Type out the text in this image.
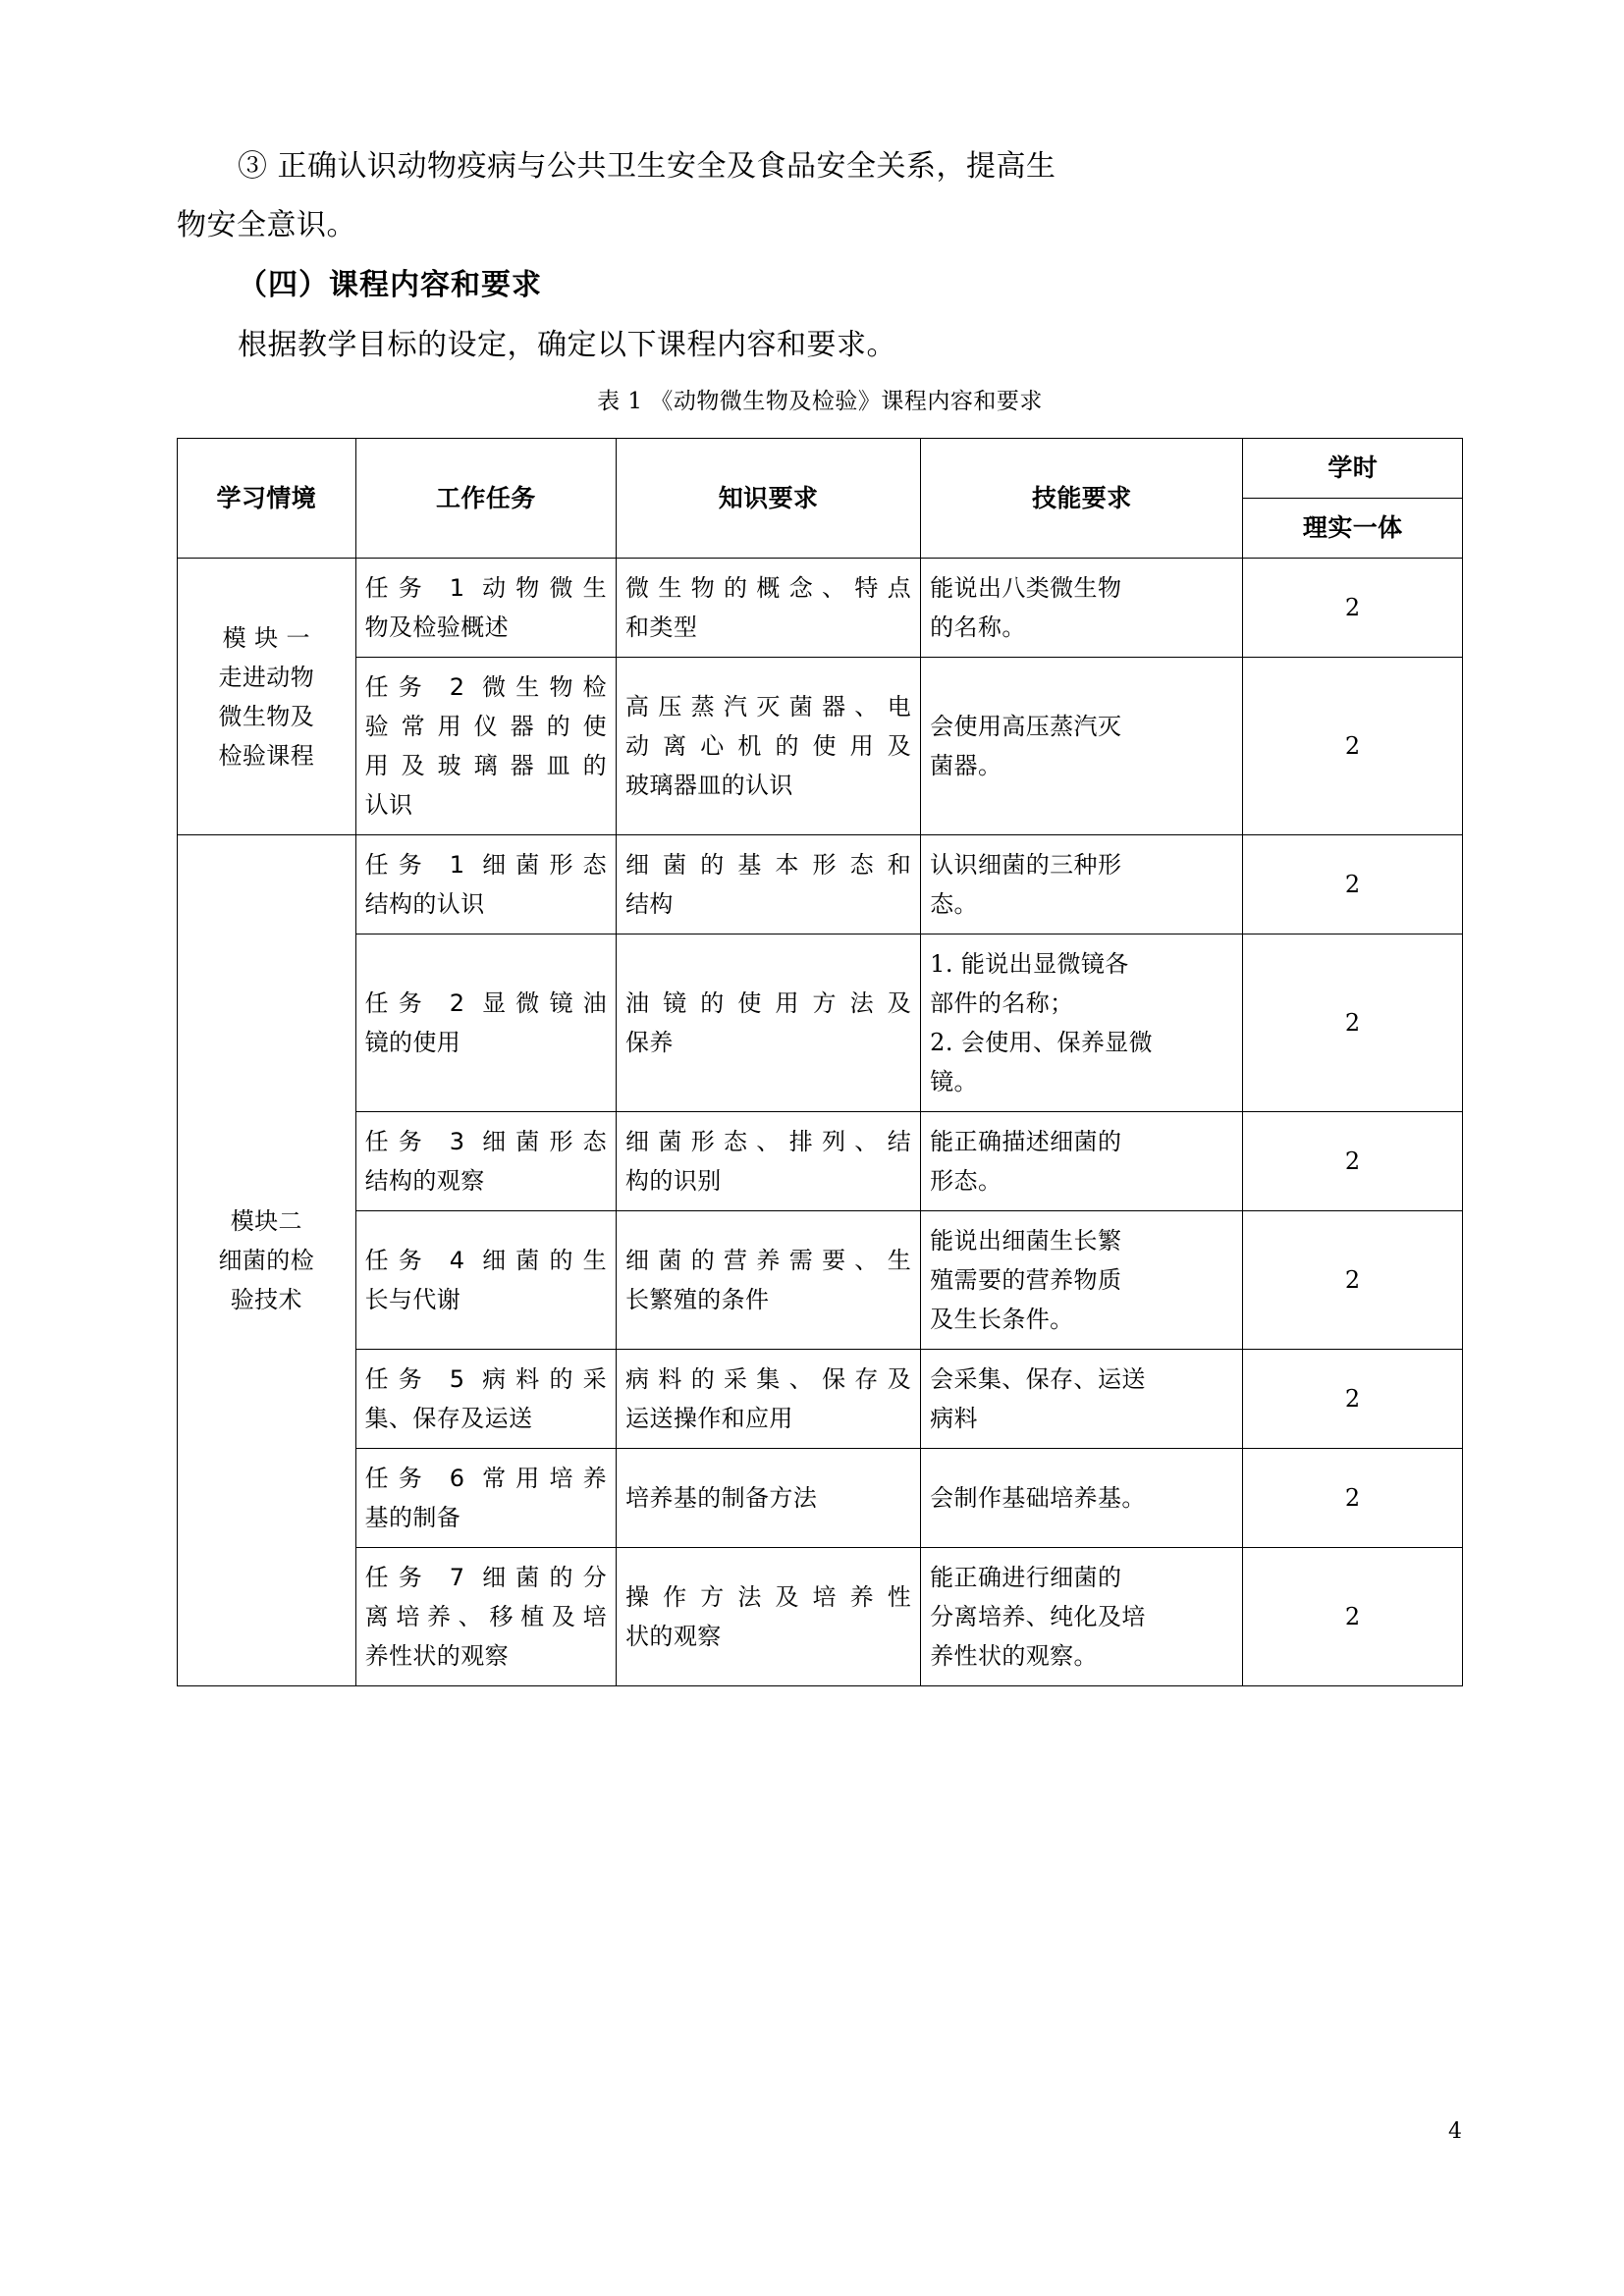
③ 正确认识动物疫病与公共卫生安全及食品安全关系，提高生

物安全意识。

（四）课程内容和要求

根据教学目标的设定，确定以下课程内容和要求。

表 1 《动物微生物及检验》课程内容和要求

学习情境	工作任务	知识要求	技能要求	学时
				理实一体

模 块 一
走进动物
微生物及
检验课程	任务 1 动物微生
物及检验概述	微生物的概念、特点
和类型	能说出八类微生物
的名称。	2

	任务 2 微生物检
验常用仪器的使
用及玻璃器皿的
认识	高压蒸汽灭菌器、电
动离心机的使用及
玻璃器皿的认识	会使用高压蒸汽灭
菌器。	2

模块二
细菌的检
验技术	任务 1 细菌形态
结构的认识	细菌的基本形态和
结构	认识细菌的三种形
态。	2

	任务 2 显微镜油
镜的使用	油镜的使用方法及
保养	1. 能说出显微镜各
部件的名称；
2. 会使用、保养显微
镜。	2

	任务 3 细菌形态
结构的观察	细菌形态、排列、结
构的识别	能正确描述细菌的
形态。	2

	任务 4 细菌的生
长与代谢	细菌的营养需要、生
长繁殖的条件	能说出细菌生长繁
殖需要的营养物质
及生长条件。	2

	任务 5 病料的采
集、保存及运送	病料的采集、保存及
运送操作和应用	会采集、保存、运送
病料	2

	任务 6 常用培养
基的制备	培养基的制备方法	会制作基础培养基。	2

	任务 7 细菌的分
离培养、移植及培
养性状的观察	操作方法及培养性
状的观察	能正确进行细菌的
分离培养、纯化及培
养性状的观察。	2
4
